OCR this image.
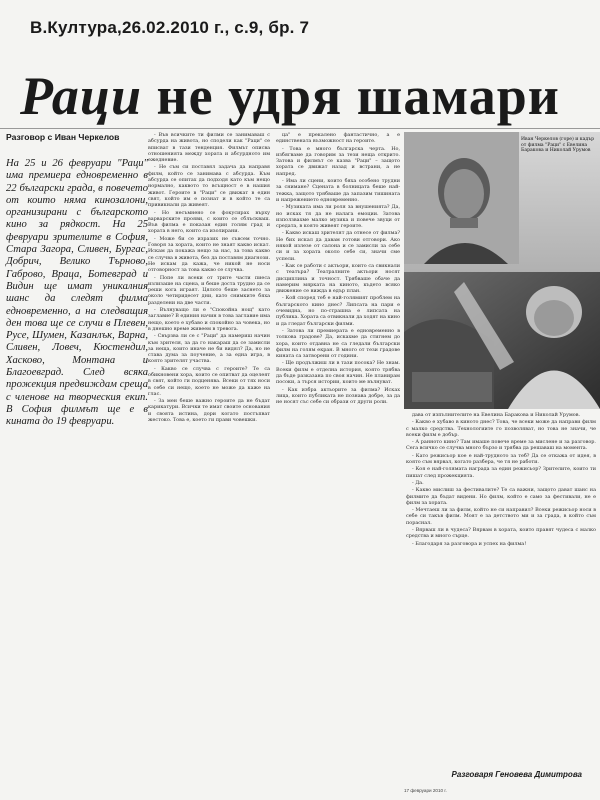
В.Култура,26.02.2010 г., с.9, бр. 7
Раци не удря шамари
Разговор с Иван Черкелов
На 25 и 26 февруари "Раци" има премиера едновременно в 22 български града, в повечето от които няма кинозалони, организирани с българското кино за рядкост. На 25 февруари зрителите в София, Стара Загора, Сливен, Бургас, Добрич, Велико Търново, Габрово, Враца, Ботевград и Видин ще имат уникалния шанс да следят филма едновременно, а на следващия ден това ще се случи в Плевен, Русе, Шумен, Казанлък, Варна, Сливен, Ловеч, Кюстендил, Хасково, Монтана и Благоевград. След всяка прожекция предвиждам среща с членове на творческия екип. В София филмът ще е в кината до 19 февруари.

- Във всичките ти филми се занимаваш с абсурда на живота, но сподели как "Раци" се вписват в тази тенденция. Филмът описва отношенията между хората и абсурдното им ежедневие.

- Не съм си поставял задача да направя филм, който се занимава с абсурда. Към абсурда се опитах да подходя като към нещо нормално, каквото то всъщност е в нашия живот. Героите в "Раци" се движат в един свят, който им е познат и в който те са привикнали да живеят.

- Но несъмнено се фокусирах върху варварските прояви, с които се сблъскваш. Във филма е показан един голям град и хората в него, които са изолирани.

- Може би се изразих не съвсем точно. Говоря за хората, които не знаят какво искат. Искам да покажа нещо за нас, за това какво се случва в живота, без да поставям диагнози. Не искам да кажа, че никой не носи отговорност за това какво се случва.

- Попе ли всеки от трите части пиеса излизаше на сцена, и беше доста трудно да се реши кога играят. Цялото беше заснето за около четиридесет дни, като снимките бяха разделени на две части.

- Вълнуващо ли е "Спокойна нощ" като заглавие? В единия начин в това заглавие има нещо, което е хубаво и спокойно за човека, но в днешно време живеем в тревога.

- Свързва ли се с "Раци" да намериш начин към зрителя, за да го накараш да се замисли за неща, които иначе не би видял? Да, но не става дума за поучение, а за една игра, в която зрителят участва.

- Какво се случва с героите? Те са обикновени хора, които се опитват да оцелеят в свят, който ги подценява. Всеки от тях носи в себе си нещо, което не може да каже на глас.

- За мен беше важно героите да не бъдат карикатури. Всички те имат своите основания и своята истина, дори когато постъпват жестоко. Това е, което ги прави човешки.

ца" е прекалено фантастично, а е единствената възможност на героите.

- Това е много българска черта. Но, избягваме да говорим за тези неща открито. Затова и филмът се казва "Раци" – защото хората се движат назад и встрани, а не напред.

- Има ли сцени, които бяха особено трудни за снимане? Сцената в болницата беше най-тежка, защото трябваше да запазим тишината и напрежението едновременно.

- Музиката има ли роля за внушенията? Да, но исках тя да не налага емоции. Затова използвахме малко музика и повече звуци от средата, в която живеят героите.

- Какво искаш зрителят да отнесе от филма? Не бих искал да давам готови отговори. Ако някой излезе от салона и се замисли за себе си и за хората около себе си, значи сме успели.

- Как се работи с актьори, които са свикнали с театъра? Театралните актьори носят дисциплина и точност. Трябваше обаче да намерим мярката на киното, където всяко движение се вижда в едър план.

- Кой според теб е най-голямият проблем на българското кино днес? Липсата на пари е очевидна, но по-страшна е липсата на публика. Хората са отвикнали да ходят на кино и да гледат български филми.

- Затова ли премиерата е едновременно в толкова градове? Да, искахме да стигнем до хора, които отдавна не са гледали български филм на голям екран. В много от тези градове кината са затворени от години.

- Ще продължиш ли в тази посока? Не знам. Всеки филм е отделна история, която трябва да бъде разказана по своя начин. Не планирам посоки, а търся истории, които ме вълнуват.

- Как избра актьорите за филма? Исках лица, които публиката не познава добре, за да не носят със себе си образи от други роли.

Иван Черкелов (горе) и кадър от филма "Раци" с Евелина Баракова и Николай Урумов

дава от изпълнителите на Евелина Баракова и Николай Урумов.

- Какво е хубаво в киното днес? Това, че всеки може да направи филм с малко средства. Технологиите го позволяват, но това не значи, че всеки филм е добър.

- А ранното кино? Там имаше повече време за мислене и за разговор. Сега всичко се случва много бързо и трябва да решаваш на момента.

- Като режисьор кое е най-трудното за теб? Да се откажа от идея, в която съм вярвал, когато разбера, че тя не работи.

- Коя е най-голямата награда за един режисьор? Зрителите, които ти пишат след прожекцията.

- Да.

- Какво мислиш за фестивалите? Те са важни, защото дават шанс на филмите да бъдат видени. Но филм, който е само за фестивали, не е филм за хората.

- Мечтаеш ли за филм, който не си направил? Всеки режисьор носи в себе си такъв филм. Моят е за детството ми и за града, в който съм пораснал.

- Вярваш ли в чудеса? Вярвам в хората, които правят чудеса с малко средства и много сърце.

- Благодаря за разговора и успех на филма!

Разговаря Геновева Димитрова
17 февруари 2010 г.
